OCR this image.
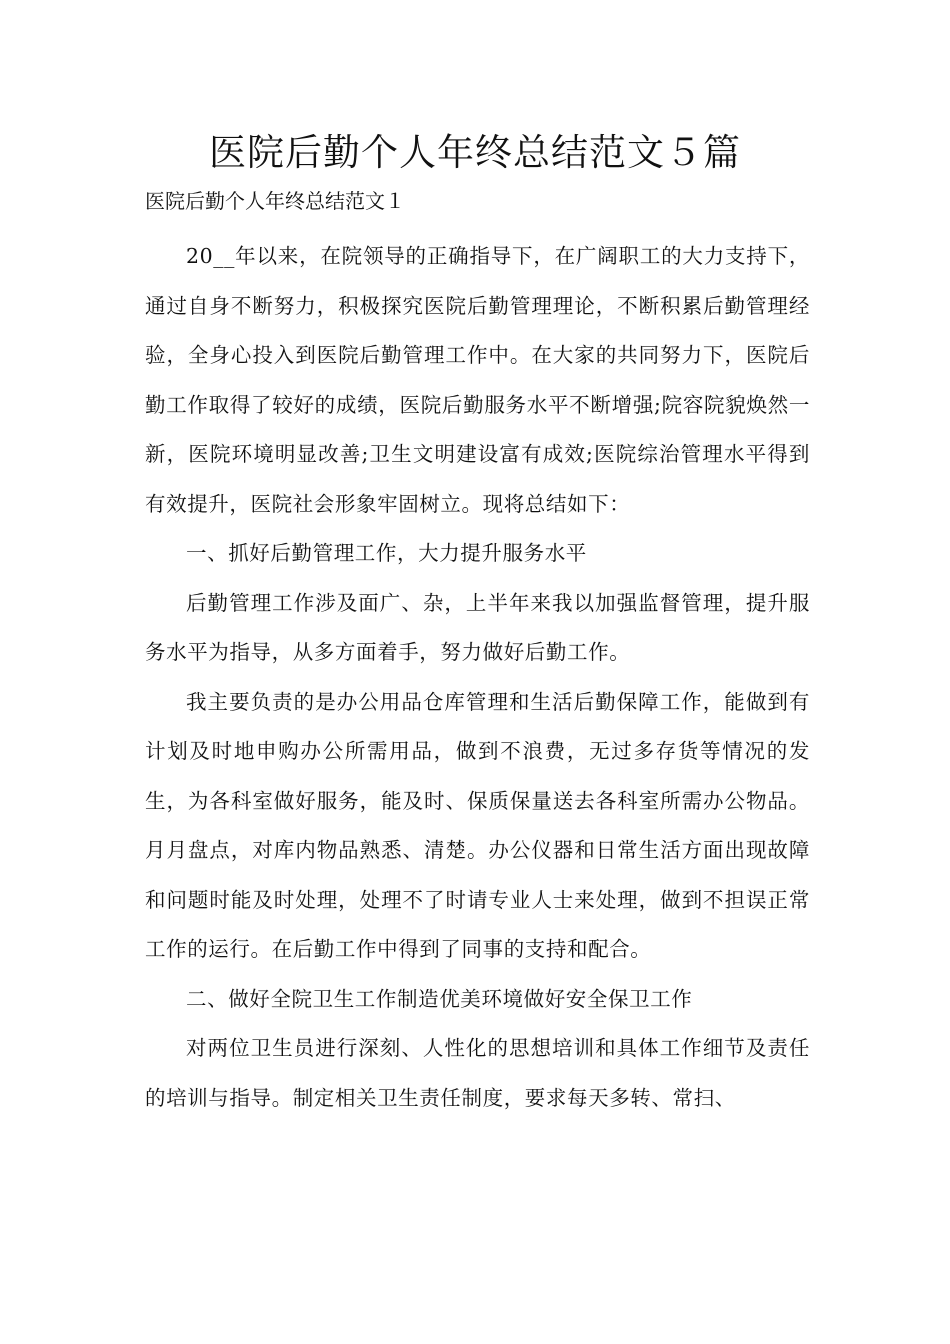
医院后勤个人年终总结范文５篇
医院后勤个人年终总结范文１

20__年以来，在院领导的正确指导下，在广阔职工的大力支持下，通过自身不断努力，积极探究医院后勤管理理论，不断积累后勤管理经验，全身心投入到医院后勤管理工作中。在大家的共同努力下，医院后勤工作取得了较好的成绩，医院后勤服务水平不断增强;院容院貌焕然一新，医院环境明显改善;卫生文明建设富有成效;医院综治管理水平得到有效提升，医院社会形象牢固树立。现将总结如下：

一、抓好后勤管理工作，大力提升服务水平

后勤管理工作涉及面广、杂，上半年来我以加强监督管理，提升服务水平为指导，从多方面着手，努力做好后勤工作。

我主要负责的是办公用品仓库管理和生活后勤保障工作，能做到有计划及时地申购办公所需用品，做到不浪费，无过多存货等情况的发生，为各科室做好服务，能及时、保质保量送去各科室所需办公物品。月月盘点，对库内物品熟悉、清楚。办公仪器和日常生活方面出现故障和问题时能及时处理，处理不了时请专业人士来处理，做到不担误正常工作的运行。在后勤工作中得到了同事的支持和配合。

二、做好全院卫生工作制造优美环境做好安全保卫工作

对两位卫生员进行深刻、人性化的思想培训和具体工作细节及责任的培训与指导。制定相关卫生责任制度，要求每天多转、常扫、
